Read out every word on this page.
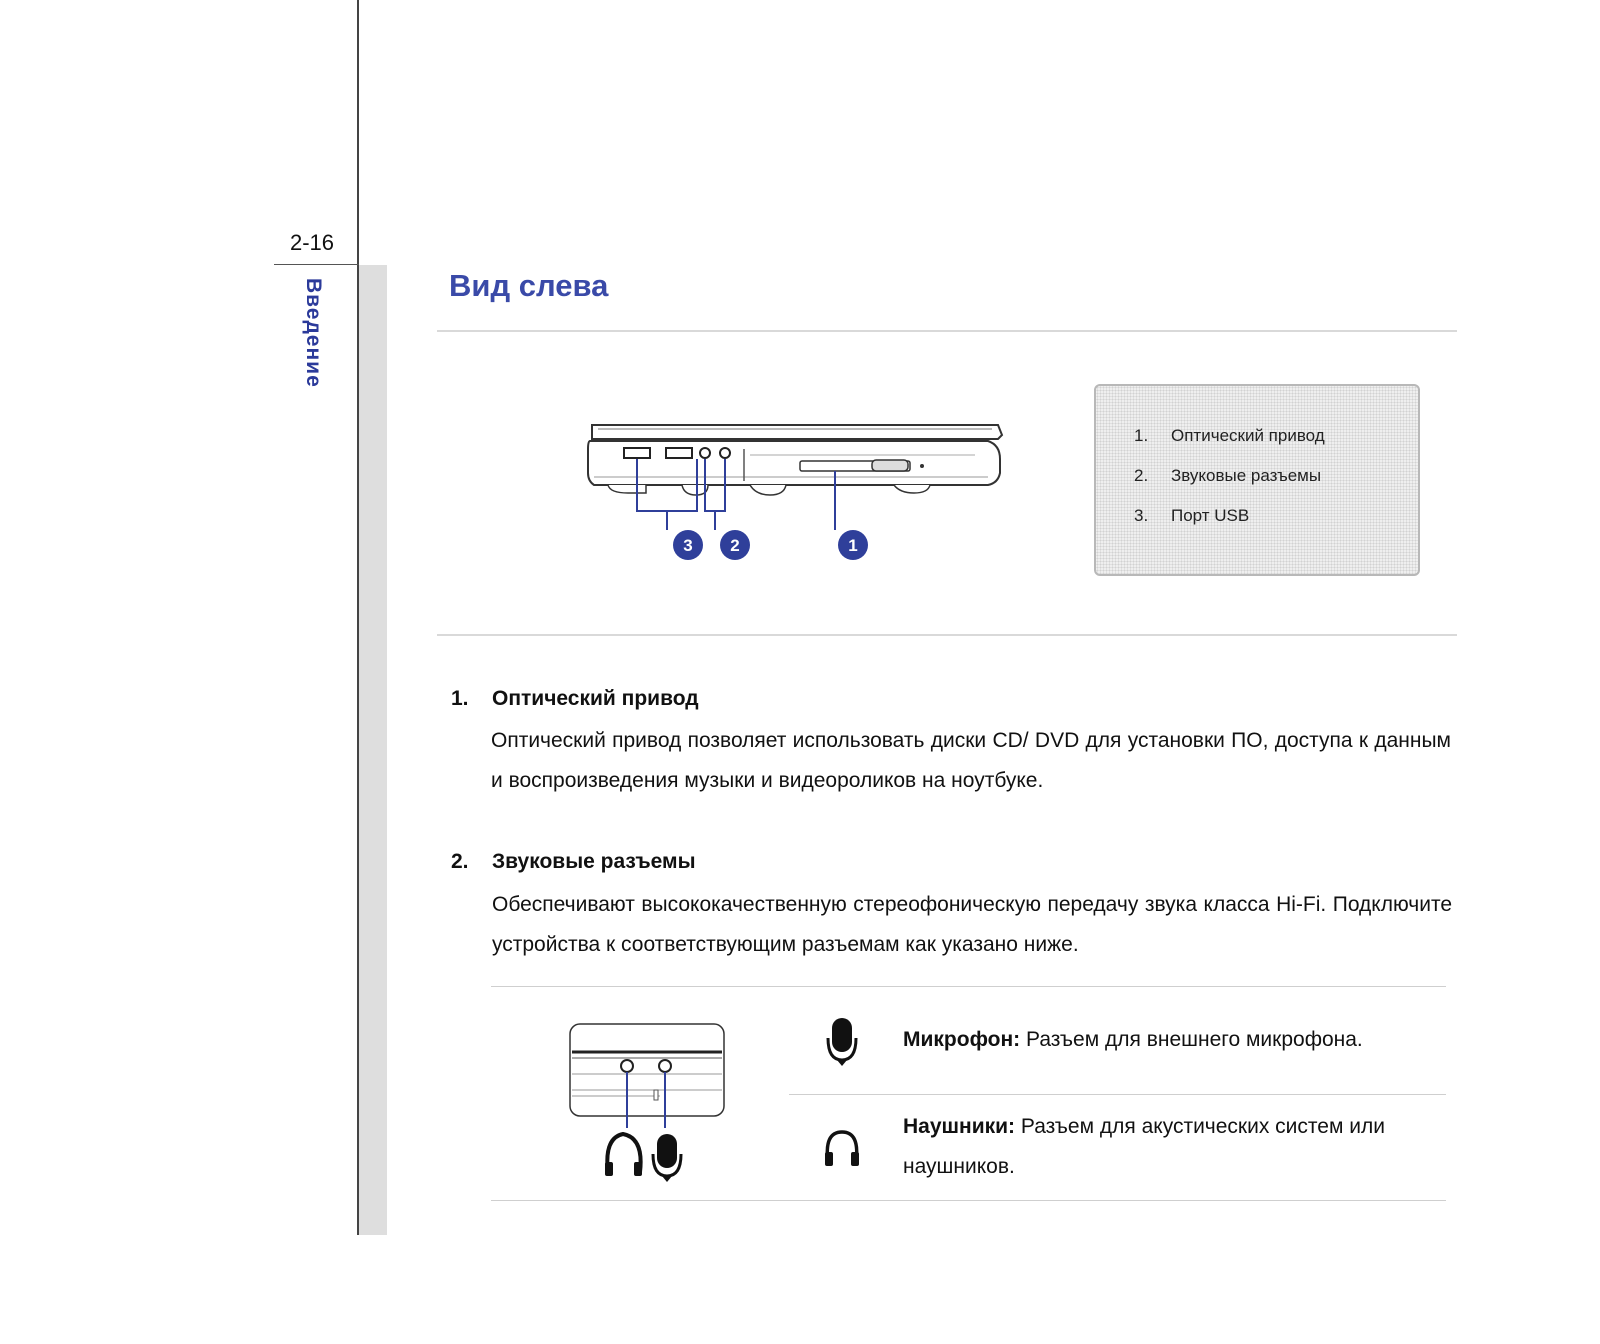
2-16
Введение	Вид слева
3 2	1
1.	Оптический привод
2.	Звуковые разъемы
3.	Порт USB
1. Оптический привод
Оптический привод позволяет использовать диски CD/ DVD для установки ПО, доступа к данным и воспроизведения музыки и видеороликов на ноутбуке.
2. Звуковые разъемы
Обеспечивают высококачественную стереофоническую передачу звука класса Hi-Fi. Подключите устройства к соответствующим разъемам как указано ниже.
Микрофон: Разъем для внешнего микрофона.
Наушники: Разъем для акустических систем или наушников.
